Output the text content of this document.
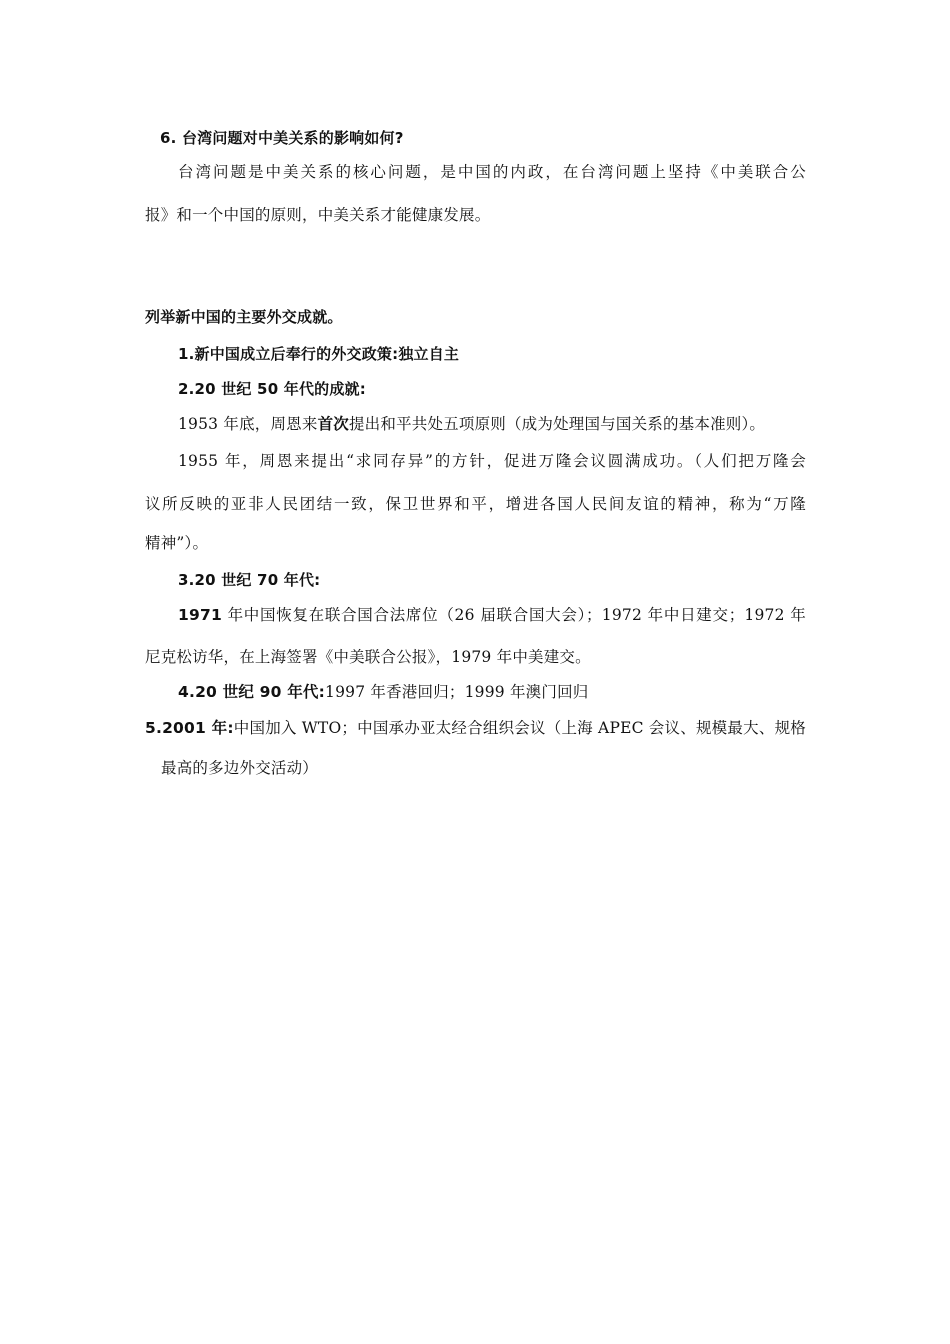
6. 台湾问题对中美关系的影响如何?
台湾问题是中美关系的核心问题，是中国的内政，在台湾问题上坚持《中美联合公
报》和一个中国的原则，中美关系才能健康发展。
列举新中国的主要外交成就。
1.新中国成立后奉行的外交政策:独立自主
2.20 世纪 50 年代的成就:
1953 年底，周恩来首次提出和平共处五项原则（成为处理国与国关系的基本准则）。
1955 年，周恩来提出“求同存异”的方针，促进万隆会议圆满成功。（人们把万隆会
议所反映的亚非人民团结一致，保卫世界和平，增进各国人民间友谊的精神，称为“万隆
精神”）。
3.20 世纪 70 年代:
1971 年中国恢复在联合国合法席位（26 届联合国大会）；1972 年中日建交；1972 年
尼克松访华，在上海签署《中美联合公报》，1979 年中美建交。
4.20 世纪 90 年代:1997 年香港回归；1999 年澳门回归
5.2001 年:中国加入 WTO；中国承办亚太经合组织会议（上海 APEC 会议、规模最大、规格
最高的多边外交活动）
